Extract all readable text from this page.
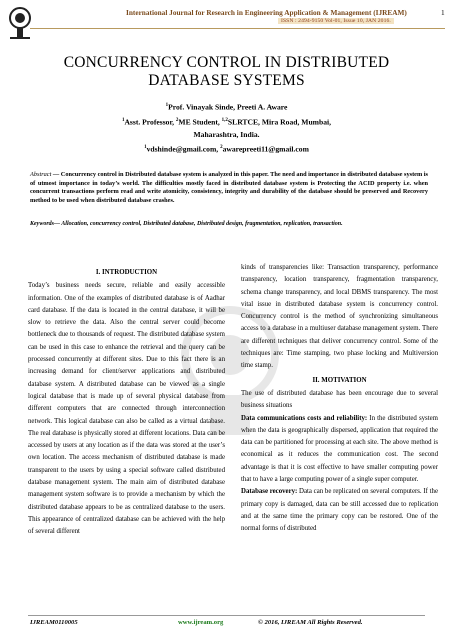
International Journal for Research in Engineering Application & Management (IJREAM)	1
ISSN : 2494-9150 Vol-01, Issue 10, JAN 2016.
CONCURRENCY CONTROL IN DISTRIBUTED
DATABASE SYSTEMS
$^1$Prof. Vinayak Sinde, Preeti A. Aware
$^1$Asst. Professor, $^2$ME Student, $^{1,2}$SLRTCE, Mira Road, Mumbai,
Maharashtra, India.
$^1$vdshinde@gmail.com, $^2$awarepreeti11@gmail.com
Abstract — Concurrency control in Distributed database system is analyzed in this paper. The need and importance in distributed database system is of utmost importance in today’s world. The difficulties mostly faced in distributed database system is Protecting the ACID property i.e. when concurrent transactions perform read and write atomicity, consistency, integrity and durability of the database should be preserved and Recovery method to be used when distributed database crashes.
Keywords— Allocation, concurrency control, Distributed database, Distributed design, fragmentation, replication, transaction.
I. INTRODUCTION

Today’s business needs secure, reliable and easily accessible information. One of the examples of distributed database is of Aadhar card database. If the data is located in the central database, it will be slow to retrieve the data. Also the central server could become bottleneck due to thousands of request. The distributed database system can be used in this case to enhance the retrieval and the query can be processed concurrently at different sites. Due to this fact there is an increasing demand for client/server applications and distributed database system. A distributed database can be viewed as a single logical database that is made up of several physical database from different computers that are connected through interconnection network. This logical database can also be called as a virtual database. The real database is physically stored at different locations. Data can be accessed by users at any location as if the data was stored at the user’s own location. The access mechanism of distributed database is made transparent to the users by using a special software called distributed database management system. The main aim of distributed database management system software is to provide a mechanism by which the distributed database appears to be as centralized database to the users. This appearance of centralized database can be achieved with the help of several different

kinds of transparencies like: Transaction transparency, performance transparency, location transparency, fragmentation transparency, schema change transparency, and local DBMS transparency. The most vital issue in distributed database system is concurrency control. Concurrency control is the method of synchronizing simultaneous access to a database in a multiuser database management system. There are different techniques that deliver concurrency control. Some of the techniques are: Time stamping, two phase locking and Multiversion time stamp.

II. MOTIVATION

The use of distributed database has been encourage due to several business situations

Data communications costs and reliability: In the distributed system when the data is geographically dispersed, application that required the data can be partitioned for processing at each site. The above method is economical as it reduces the communication cost. The second advantage is that it is cost effective to have smaller computing power that to have a large computing power of a single super computer.

Database recovery: Data can be replicated on several computers. If the primary copy is damaged, data can be still accessed due to replication and at the same time the primary copy can be restored. One of the normal forms of distributed

IJREAM0110005	www.ijream.org	© 2016, IJREAM All Rights Reserved.
